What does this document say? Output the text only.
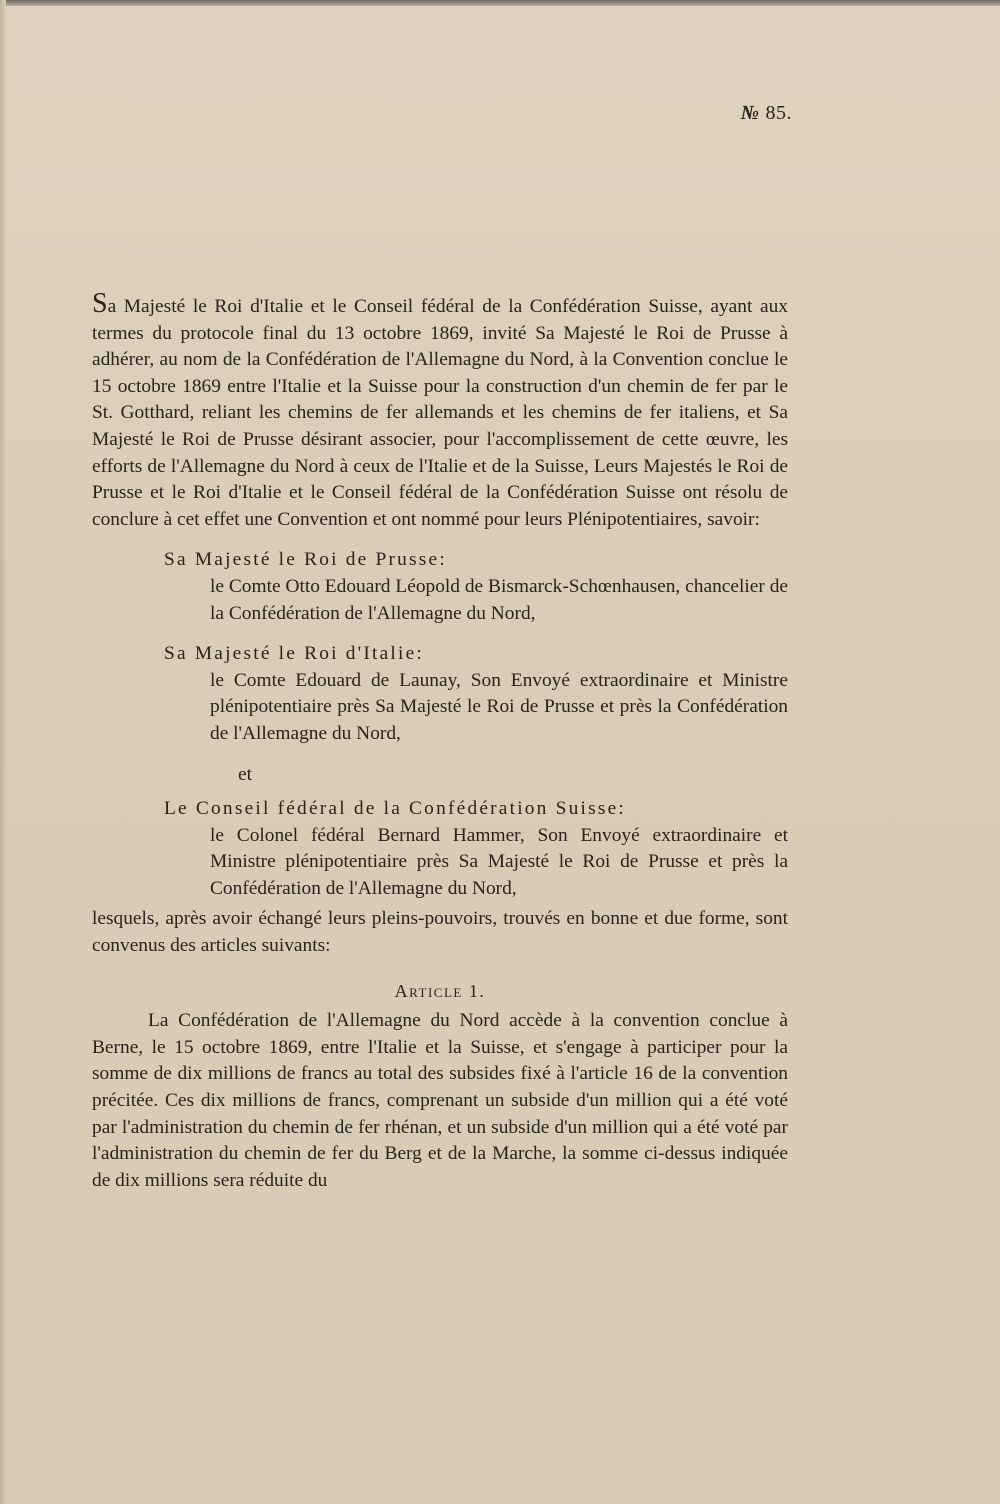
№ 85.

Sa Majesté le Roi d'Italie et le Conseil fédéral de la Confédération Suisse, ayant aux termes du protocole final du 13 octobre 1869, invité Sa Majesté le Roi de Prusse à adhérer, au nom de la Confédération de l'Allemagne du Nord, à la Convention conclue le 15 octobre 1869 entre l'Italie et la Suisse pour la construction d'un chemin de fer par le St. Gotthard, reliant les chemins de fer allemands et les chemins de fer italiens, et Sa Majesté le Roi de Prusse désirant associer, pour l'accomplissement de cette œuvre, les efforts de l'Allemagne du Nord à ceux de l'Italie et de la Suisse, Leurs Majestés le Roi de Prusse et le Roi d'Italie et le Conseil fédéral de la Confédération Suisse ont résolu de conclure à cet effet une Convention et ont nommé pour leurs Plénipotentiaires, savoir:

Sa Majesté le Roi de Prusse:
le Comte Otto Edouard Léopold de Bismarck-Schœnhausen, chancelier de la Confédération de l'Allemagne du Nord,
Sa Majesté le Roi d'Italie:
le Comte Edouard de Launay, Son Envoyé extraordinaire et Ministre plénipotentiaire près Sa Majesté le Roi de Prusse et près la Confédération de l'Allemagne du Nord,
et
Le Conseil fédéral de la Confédération Suisse:
le Colonel fédéral Bernard Hammer, Son Envoyé extraordinaire et Ministre plénipotentiaire près Sa Majesté le Roi de Prusse et près la Confédération de l'Allemagne du Nord,

lesquels, après avoir échangé leurs pleins-pouvoirs, trouvés en bonne et due forme, sont convenus des articles suivants:

Article 1.

La Confédération de l'Allemagne du Nord accède à la convention conclue à Berne, le 15 octobre 1869, entre l'Italie et la Suisse, et s'engage à participer pour la somme de dix millions de francs au total des subsides fixé à l'article 16 de la convention précitée. Ces dix millions de francs, comprenant un subside d'un million qui a été voté par l'administration du chemin de fer rhénan, et un subside d'un million qui a été voté par l'administration du chemin de fer du Berg et de la Marche, la somme ci-dessus indiquée de dix millions sera réduite du
